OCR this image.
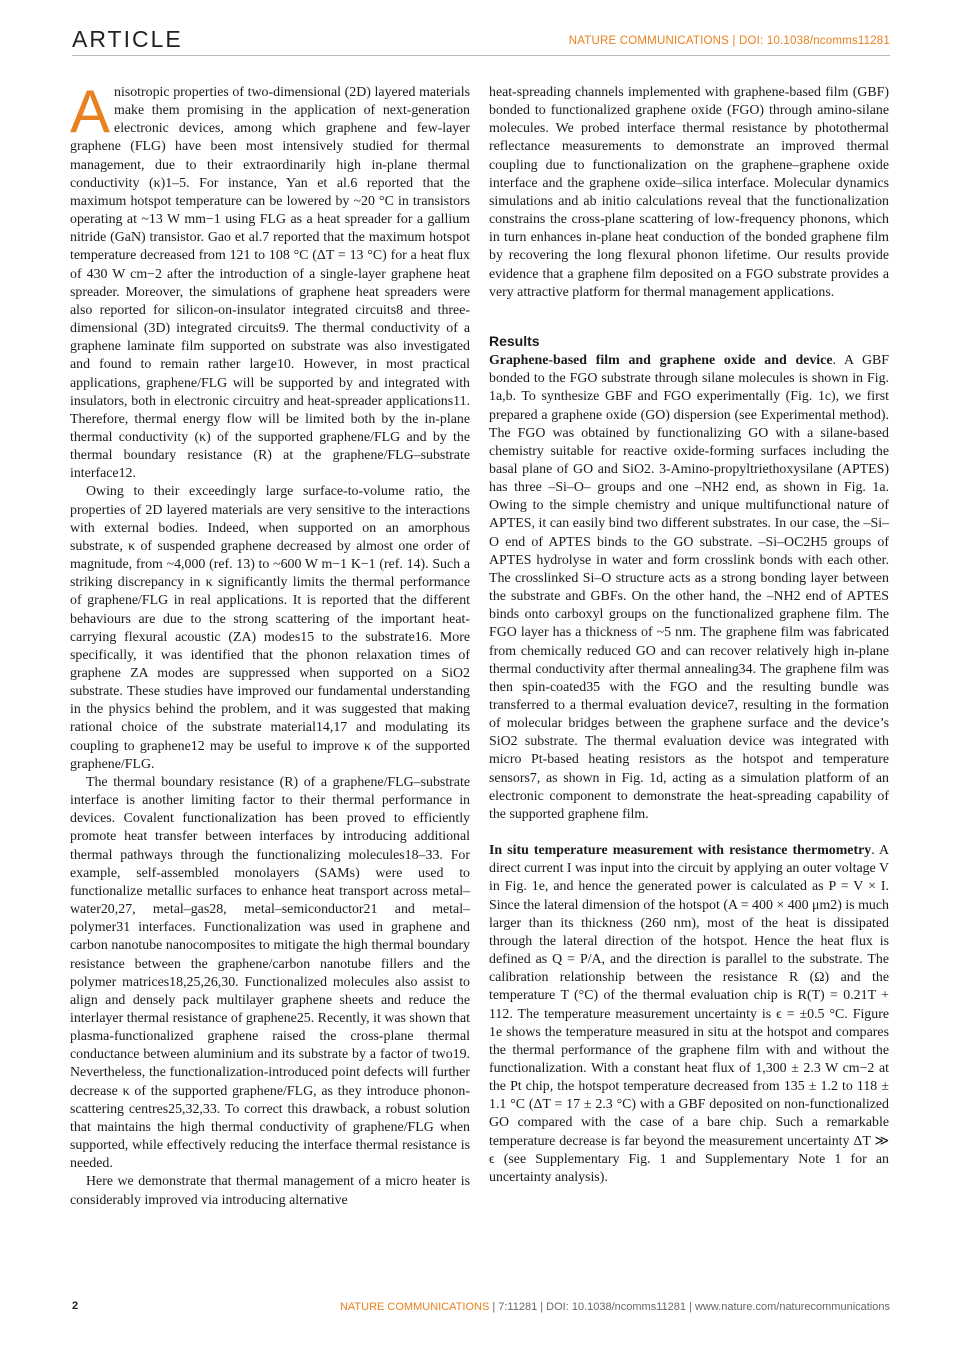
ARTICLE	NATURE COMMUNICATIONS | DOI: 10.1038/ncomms11281

Anisotropic properties of two-dimensional (2D) layered materials make them promising in the application of next-generation electronic devices, among which graphene and few-layer graphene (FLG) have been most intensively studied for thermal management, due to their extraordinarily high in-plane thermal conductivity (κ)1–5. For instance, Yan et al.6 reported that the maximum hotspot temperature can be lowered by ~20 °C in transistors operating at ~13 W mm−1 using FLG as a heat spreader for a gallium nitride (GaN) transistor. Gao et al.7 reported that the maximum hotspot temperature decreased from 121 to 108 °C (ΔT = 13 °C) for a heat flux of 430 W cm−2 after the introduction of a single-layer graphene heat spreader. Moreover, the simulations of graphene heat spreaders were also reported for silicon-on-insulator integrated circuits8 and three-dimensional (3D) integrated circuits9. The thermal conductivity of a graphene laminate film supported on substrate was also investigated and found to remain rather large10. However, in most practical applications, graphene/FLG will be supported by and integrated with insulators, both in electronic circuitry and heat-spreader applications11. Therefore, thermal energy flow will be limited both by the in-plane thermal conductivity (κ) of the supported graphene/FLG and by the thermal boundary resistance (R) at the graphene/FLG–substrate interface12.

Owing to their exceedingly large surface-to-volume ratio, the properties of 2D layered materials are very sensitive to the interactions with external bodies. Indeed, when supported on an amorphous substrate, κ of suspended graphene decreased by almost one order of magnitude, from ~4,000 (ref. 13) to ~600 W m−1 K−1 (ref. 14). Such a striking discrepancy in κ significantly limits the thermal performance of graphene/FLG in real applications. It is reported that the different behaviours are due to the strong scattering of the important heat-carrying flexural acoustic (ZA) modes15 to the substrate16. More specifically, it was identified that the phonon relaxation times of graphene ZA modes are suppressed when supported on a SiO2 substrate. These studies have improved our fundamental understanding in the physics behind the problem, and it was suggested that making rational choice of the substrate material14,17 and modulating its coupling to graphene12 may be useful to improve κ of the supported graphene/FLG.

The thermal boundary resistance (R) of a graphene/FLG–substrate interface is another limiting factor to their thermal performance in devices. Covalent functionalization has been proved to efficiently promote heat transfer between interfaces by introducing additional thermal pathways through the functionalizing molecules18–33. For example, self-assembled monolayers (SAMs) were used to functionalize metallic surfaces to enhance heat transport across metal–water20,27, metal–gas28, metal–semiconductor21 and metal–polymer31 interfaces. Functionalization was used in graphene and carbon nanotube nanocomposites to mitigate the high thermal boundary resistance between the graphene/carbon nanotube fillers and the polymer matrices18,25,26,30. Functionalized molecules also assist to align and densely pack multilayer graphene sheets and reduce the interlayer thermal resistance of graphene25. Recently, it was shown that plasma-functionalized graphene raised the cross-plane thermal conductance between aluminium and its substrate by a factor of two19. Nevertheless, the functionalization-introduced point defects will further decrease κ of the supported graphene/FLG, as they introduce phonon-scattering centres25,32,33. To correct this drawback, a robust solution that maintains the high thermal conductivity of graphene/FLG when supported, while effectively reducing the interface thermal resistance is needed.

Here we demonstrate that thermal management of a micro heater is considerably improved via introducing alternative

heat-spreading channels implemented with graphene-based film (GBF) bonded to functionalized graphene oxide (FGO) through amino-silane molecules. We probed interface thermal resistance by photothermal reflectance measurements to demonstrate an improved thermal coupling due to functionalization on the graphene–graphene oxide interface and the graphene oxide–silica interface. Molecular dynamics simulations and ab initio calculations reveal that the functionalization constrains the cross-plane scattering of low-frequency phonons, which in turn enhances in-plane heat conduction of the bonded graphene film by recovering the long flexural phonon lifetime. Our results provide evidence that a graphene film deposited on a FGO substrate provides a very attractive platform for thermal management applications.

Results

Graphene-based film and graphene oxide and device. A GBF bonded to the FGO substrate through silane molecules is shown in Fig. 1a,b. To synthesize GBF and FGO experimentally (Fig. 1c), we first prepared a graphene oxide (GO) dispersion (see Experimental method). The FGO was obtained by functionalizing GO with a silane-based chemistry suitable for reactive oxide-forming surfaces including the basal plane of GO and SiO2. 3-Amino-propyltriethoxysilane (APTES) has three –Si–O– groups and one –NH2 end, as shown in Fig. 1a. Owing to the simple chemistry and unique multifunctional nature of APTES, it can easily bind two different substrates. In our case, the –Si–O end of APTES binds to the GO substrate. –Si–OC2H5 groups of APTES hydrolyse in water and form crosslink bonds with each other. The crosslinked Si–O structure acts as a strong bonding layer between the substrate and GBFs. On the other hand, the –NH2 end of APTES binds onto carboxyl groups on the functionalized graphene film. The FGO layer has a thickness of ~5 nm. The graphene film was fabricated from chemically reduced GO and can recover relatively high in-plane thermal conductivity after thermal annealing34. The graphene film was then spin-coated35 with the FGO and the resulting bundle was transferred to a thermal evaluation device7, resulting in the formation of molecular bridges between the graphene surface and the device’s SiO2 substrate. The thermal evaluation device was integrated with micro Pt-based heating resistors as the hotspot and temperature sensors7, as shown in Fig. 1d, acting as a simulation platform of an electronic component to demonstrate the heat-spreading capability of the supported graphene film.

In situ temperature measurement with resistance thermometry. A direct current I was input into the circuit by applying an outer voltage V in Fig. 1e, and hence the generated power is calculated as P = V × I. Since the lateral dimension of the hotspot (A = 400 × 400 μm2) is much larger than its thickness (260 nm), most of the heat is dissipated through the lateral direction of the hotspot. Hence the heat flux is defined as Q = P/A, and the direction is parallel to the substrate. The calibration relationship between the resistance R (Ω) and the temperature T (°C) of the thermal evaluation chip is R(T) = 0.21T + 112. The temperature measurement uncertainty is ϵ = ±0.5 °C. Figure 1e shows the temperature measured in situ at the hotspot and compares the thermal performance of the graphene film with and without the functionalization. With a constant heat flux of 1,300 ± 2.3 W cm−2 at the Pt chip, the hotspot temperature decreased from 135 ± 1.2 to 118 ± 1.1 °C (ΔT = 17 ± 2.3 °C) with a GBF deposited on non-functionalized GO compared with the case of a bare chip. Such a remarkable temperature decrease is far beyond the measurement uncertainty ΔT ≫ ϵ (see Supplementary Fig. 1 and Supplementary Note 1 for an uncertainty analysis).

2	NATURE COMMUNICATIONS | 7:11281 | DOI: 10.1038/ncomms11281 | www.nature.com/naturecommunications
